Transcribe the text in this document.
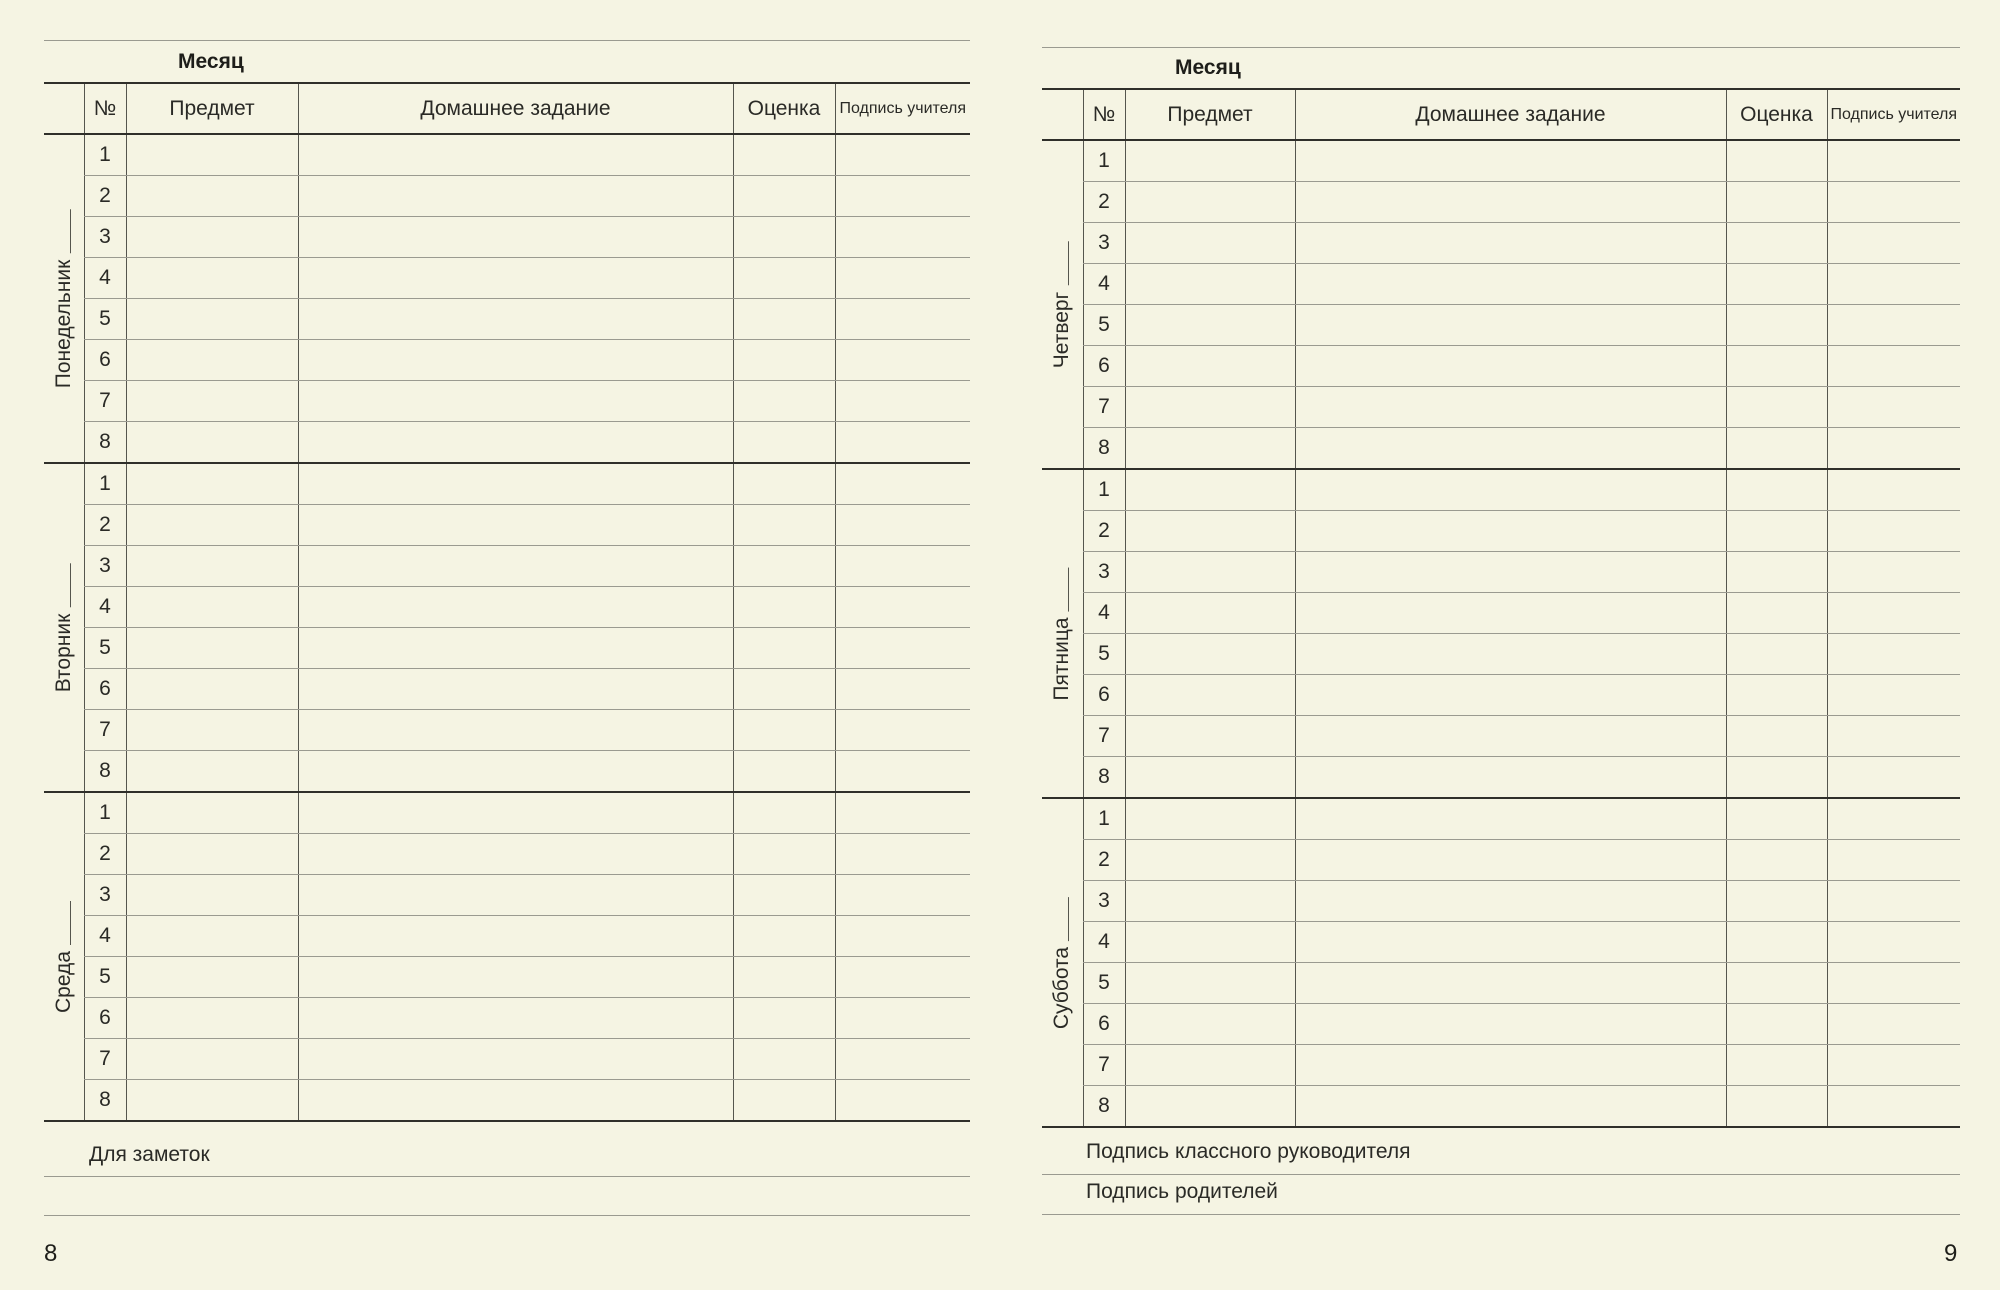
Месяц
	№	Предмет	Домашнее задание	Оценка	Подпись учителя

Понедельник	1				
	2				
	3				
	4				
	5				
	6				
	7				
	8				

Вторник	1				
	2				
	3				
	4				
	5				
	6				
	7				
	8				

Среда	1				
	2				
	3				
	4				
	5				
	6				
	7				
	8				
Для заметок
8
Месяц
	№	Предмет	Домашнее задание	Оценка	Подпись учителя

Четверг	1				
	2				
	3				
	4				
	5				
	6				
	7				
	8				

Пятница	1				
	2				
	3				
	4				
	5				
	6				
	7				
	8				

Суббота	1				
	2				
	3				
	4				
	5				
	6				
	7				
	8				
Подпись классного руководителя
Подпись родителей
9
